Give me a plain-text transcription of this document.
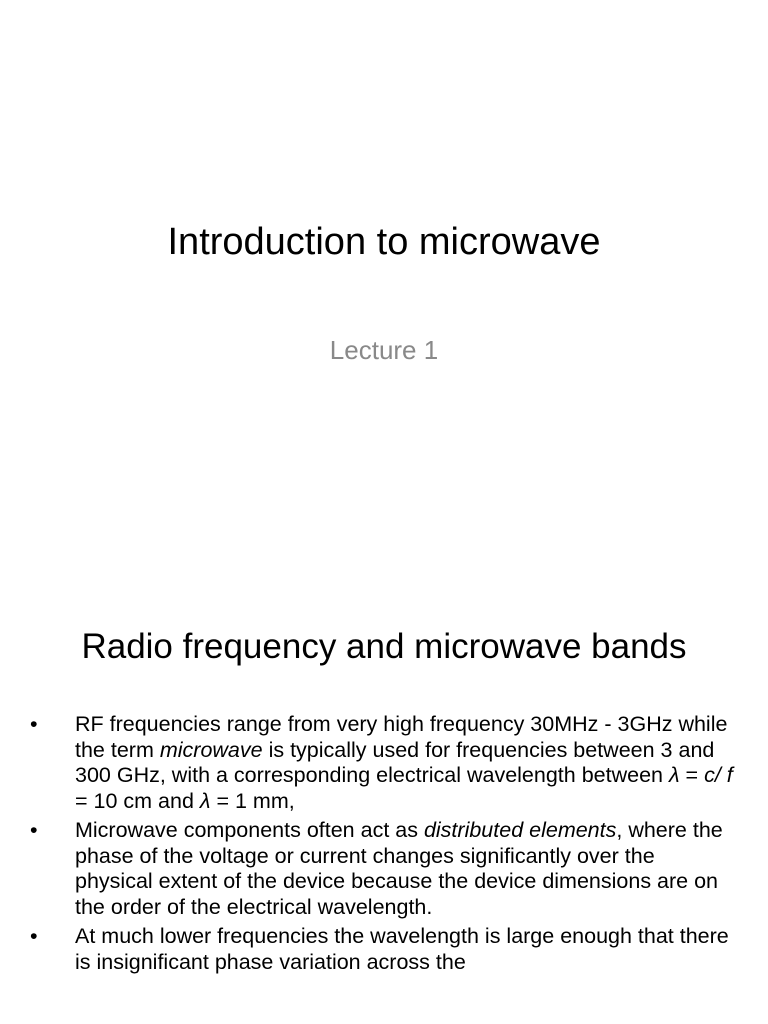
Introduction to microwave
Lecture 1
Radio frequency and microwave bands
• RF frequencies range from very high frequency 30MHz - 3GHz while the term microwave is typically used for frequencies between 3 and 300 GHz, with a corresponding electrical wavelength between λ = c/ f = 10 cm and λ = 1 mm,
• Microwave components often act as distributed elements, where the phase of the voltage or current changes significantly over the physical extent of the device because the device dimensions are on the order of the electrical wavelength.
• At much lower frequencies the wavelength is large enough that there is insignificant phase variation across the
